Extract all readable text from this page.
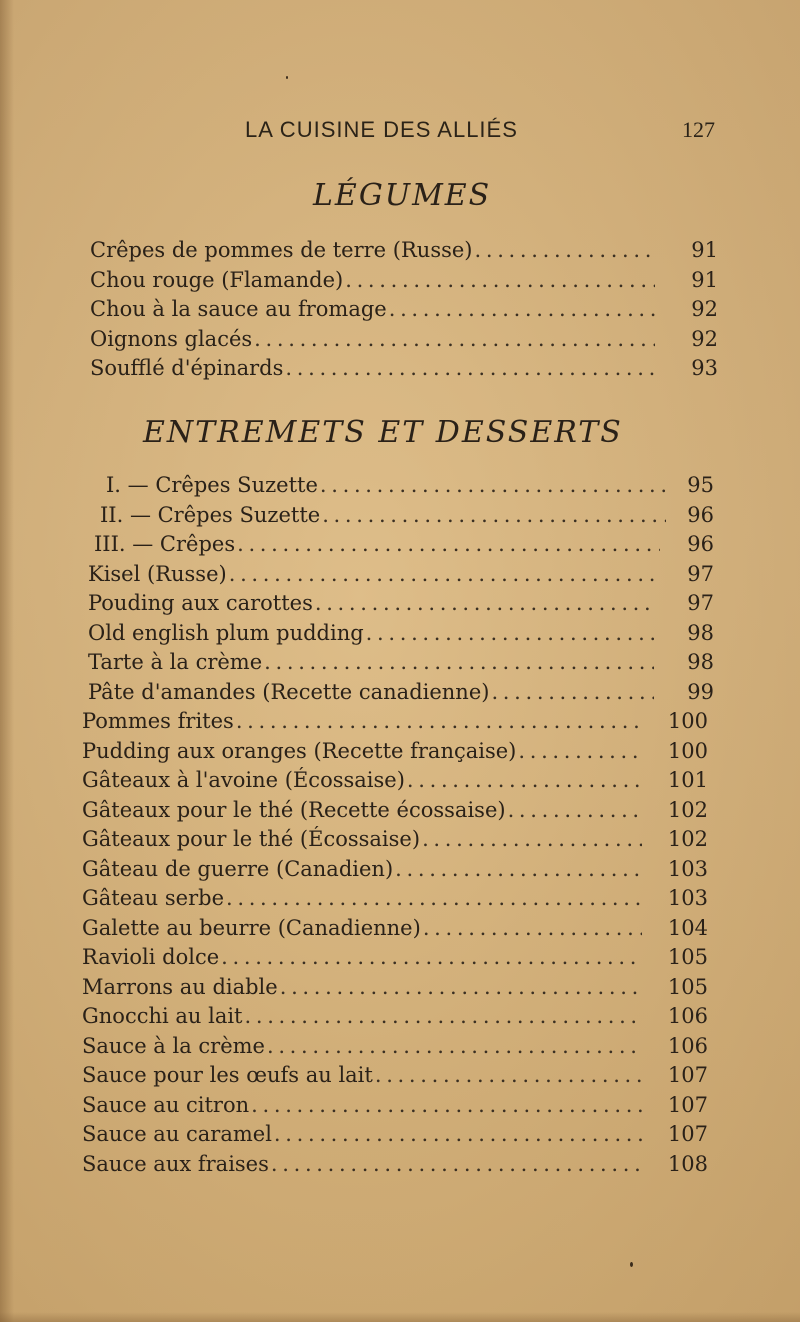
LA CUISINE DES ALLIÉS	127
LÉGUMES
Crêpes de pommes de terre (Russe) . . .	91
Chou rouge (Flamande) . . .	91
Chou à la sauce au fromage . . .	92
Oignons glacés . . .	92
Soufflé d'épinards . . .	93
ENTREMETS ET DESSERTS
I. — Crêpes Suzette . . .	95
II. — Crêpes Suzette . . .	96
III. — Crêpes . . .	96
Kisel (Russe) . . .	97
Pouding aux carottes . . .	97
Old english plum pudding . . .	98
Tarte à la crème . . .	98
Pâte d'amandes (Recette canadienne) . . .	99
Pommes frites . . .	100
Pudding aux oranges (Recette française) . . .	100
Gâteaux à l'avoine (Écossaise) . . .	101
Gâteaux pour le thé (Recette écossaise) . . .	102
Gâteaux pour le thé (Écossaise) . . .	102
Gâteau de guerre (Canadien) . . .	103
Gâteau serbe . . .	103
Galette au beurre (Canadienne) . . .	104
Ravioli dolce . . .	105
Marrons au diable . . .	105
Gnocchi au lait . . .	106
Sauce à la crème . . .	106
Sauce pour les œufs au lait . . .	107
Sauce au citron . . .	107
Sauce au caramel . . .	107
Sauce aux fraises . . .	108
